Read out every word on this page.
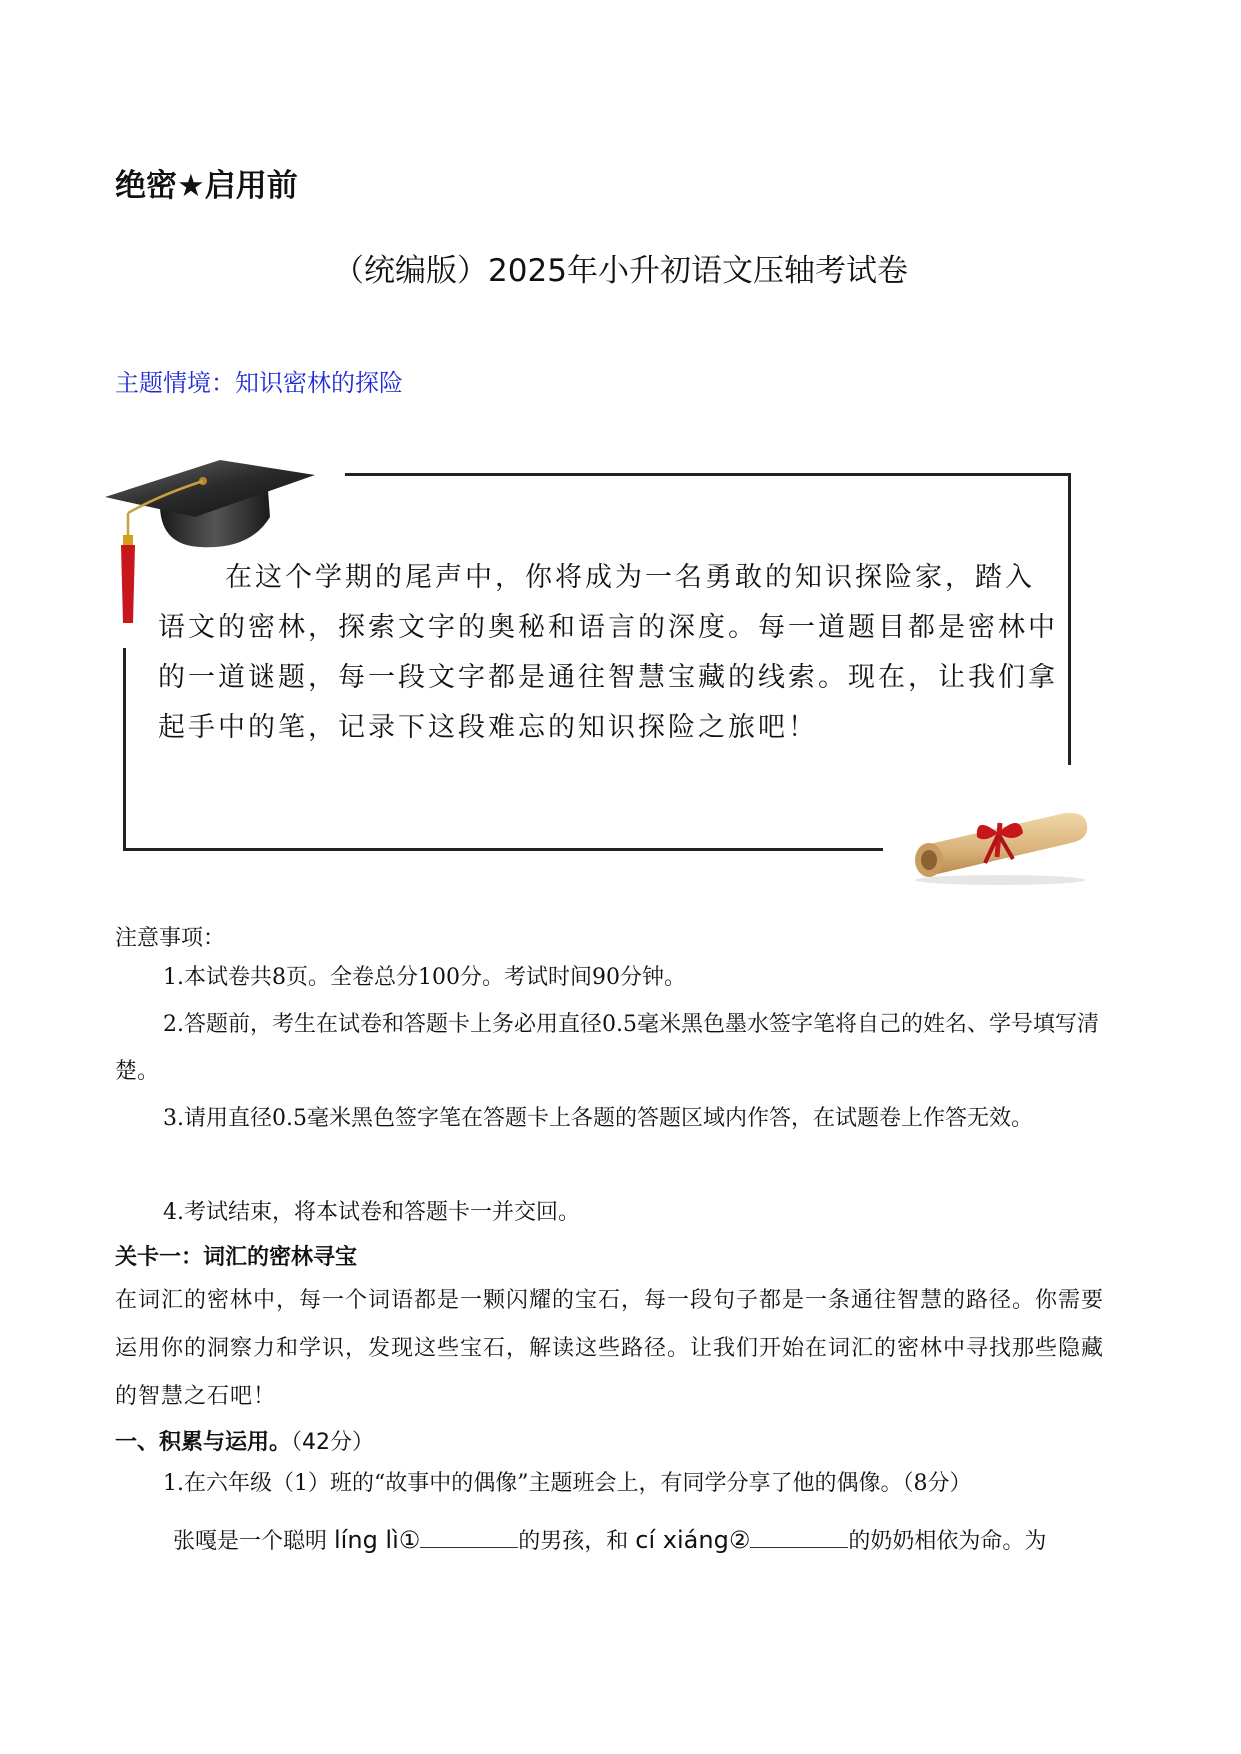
绝密★启用前
（统编版）2025年小升初语文压轴考试卷
主题情境：知识密林的探险

在这个学期的尾声中，你将成为一名勇敢的知识探险家，踏入语文的密林，探索文字的奥秘和语言的深度。每一道题目都是密林中的一道谜题，每一段文字都是通往智慧宝藏的线索。现在，让我们拿起手中的笔，记录下这段难忘的知识探险之旅吧！

注意事项：

1.本试卷共8页。全卷总分100分。考试时间90分钟。

2.答题前，考生在试卷和答题卡上务必用直径0.5毫米黑色墨水签字笔将自己的姓名、学号填写清楚。

3.请用直径0.5毫米黑色签字笔在答题卡上各题的答题区域内作答，在试题卷上作答无效。

4.考试结束，将本试卷和答题卡一并交回。

关卡一：词汇的密林寻宝

在词汇的密林中，每一个词语都是一颗闪耀的宝石，每一段句子都是一条通往智慧的路径。你需要运用你的洞察力和学识，发现这些宝石，解读这些路径。让我们开始在词汇的密林中寻找那些隐藏的智慧之石吧！

一、积累与运用。（42分）
1.在六年级（1）班的“故事中的偶像”主题班会上，有同学分享了他的偶像。（8分）
张嘎是一个聪明 líng lì①	的男孩，和 cí xiáng②	的奶奶相依为命。为
